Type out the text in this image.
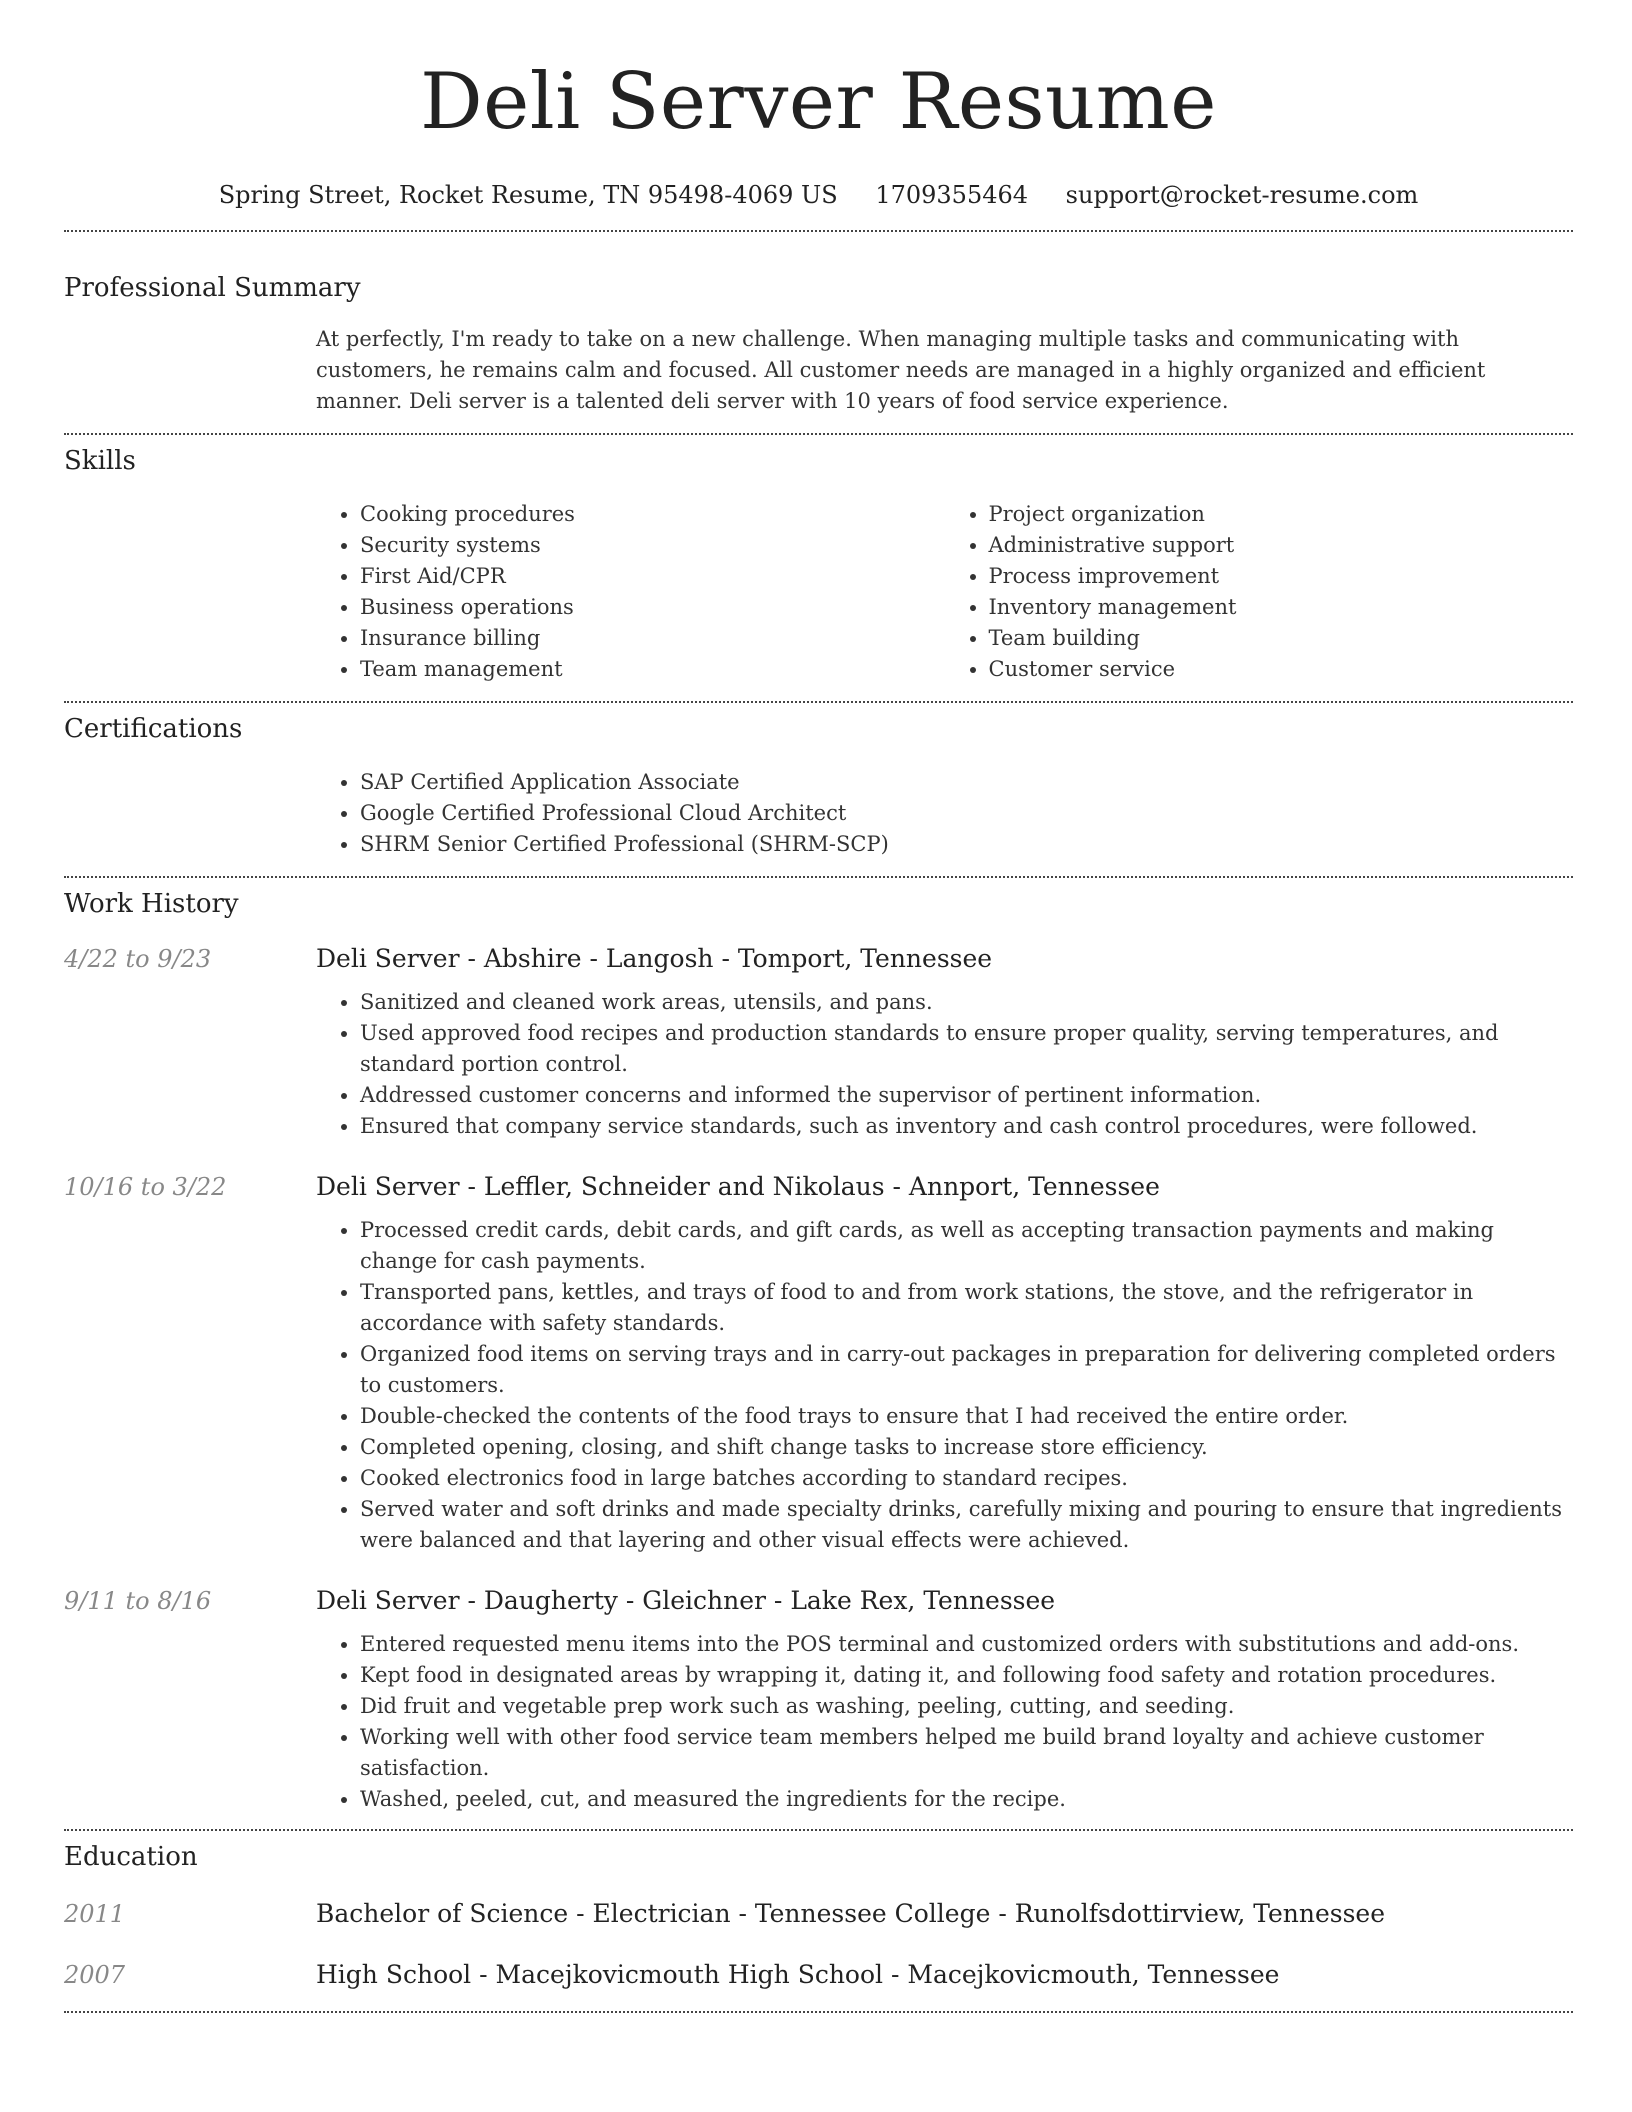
Deli Server Resume
Spring Street, Rocket Resume, TN 95498-4069 US 1709355464 support@rocket-resume.com
Professional Summary
At perfectly, I'm ready to take on a new challenge. When managing multiple tasks and communicating with customers, he remains calm and focused. All customer needs are managed in a highly organized and efficient manner. Deli server is a talented deli server with 10 years of food service experience.
Skills
• Cooking procedures
• Security systems
• First Aid/CPR
• Business operations
• Insurance billing
• Team management
• Project organization
• Administrative support
• Process improvement
• Inventory management
• Team building
• Customer service
Certifications
• SAP Certified Application Associate
• Google Certified Professional Cloud Architect
• SHRM Senior Certified Professional (SHRM-SCP)
Work History
4/22 to 9/23	Deli Server - Abshire - Langosh - Tomport, Tennessee
• Sanitized and cleaned work areas, utensils, and pans.
• Used approved food recipes and production standards to ensure proper quality, serving temperatures, and standard portion control.
• Addressed customer concerns and informed the supervisor of pertinent information.
• Ensured that company service standards, such as inventory and cash control procedures, were followed.
10/16 to 3/22	Deli Server - Leffler, Schneider and Nikolaus - Annport, Tennessee
• Processed credit cards, debit cards, and gift cards, as well as accepting transaction payments and making change for cash payments.
• Transported pans, kettles, and trays of food to and from work stations, the stove, and the refrigerator in accordance with safety standards.
• Organized food items on serving trays and in carry-out packages in preparation for delivering completed orders to customers.
• Double-checked the contents of the food trays to ensure that I had received the entire order.
• Completed opening, closing, and shift change tasks to increase store efficiency.
• Cooked electronics food in large batches according to standard recipes.
• Served water and soft drinks and made specialty drinks, carefully mixing and pouring to ensure that ingredients were balanced and that layering and other visual effects were achieved.
9/11 to 8/16	Deli Server - Daugherty - Gleichner - Lake Rex, Tennessee
• Entered requested menu items into the POS terminal and customized orders with substitutions and add-ons.
• Kept food in designated areas by wrapping it, dating it, and following food safety and rotation procedures.
• Did fruit and vegetable prep work such as washing, peeling, cutting, and seeding.
• Working well with other food service team members helped me build brand loyalty and achieve customer satisfaction.
• Washed, peeled, cut, and measured the ingredients for the recipe.
Education
2011	Bachelor of Science - Electrician - Tennessee College - Runolfsdottirview, Tennessee
2007	High School - Macejkovicmouth High School - Macejkovicmouth, Tennessee
